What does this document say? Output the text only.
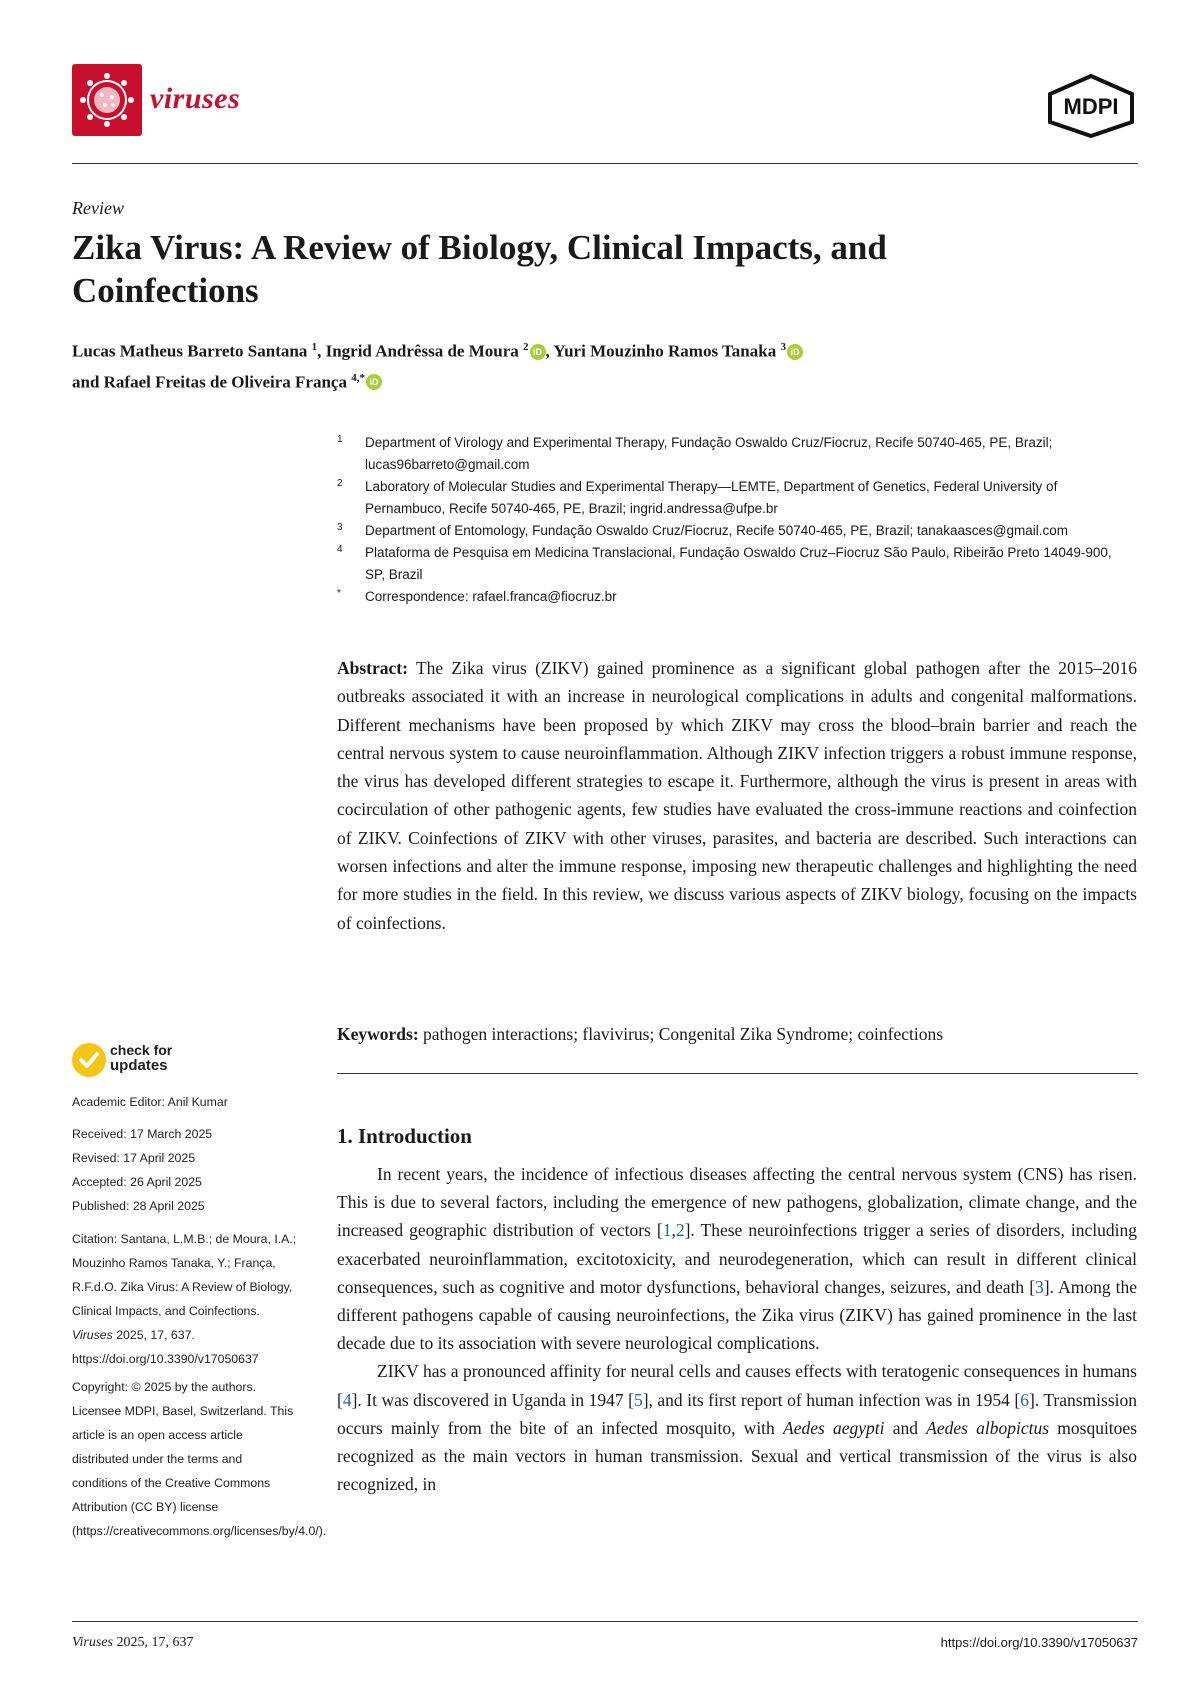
viruses	MDPI
Review
Zika Virus: A Review of Biology, Clinical Impacts, and Coinfections
Lucas Matheus Barreto Santana $^1$, Ingrid Andrêssa de Moura $^2$ iD , Yuri Mouzinho Ramos Tanaka $^3$ iD
and Rafael Freitas de Oliveira França $^{4,*}$ iD
1 Department of Virology and Experimental Therapy, Fundação Oswaldo Cruz/Fiocruz, Recife 50740-465, PE, Brazil; lucas96barreto@gmail.com
2 Laboratory of Molecular Studies and Experimental Therapy—LEMTE, Department of Genetics, Federal University of Pernambuco, Recife 50740-465, PE, Brazil; ingrid.andressa@ufpe.br
3 Department of Entomology, Fundação Oswaldo Cruz/Fiocruz, Recife 50740-465, PE, Brazil; tanakaasces@gmail.com
4 Plataforma de Pesquisa em Medicina Translacional, Fundação Oswaldo Cruz–Fiocruz São Paulo, Ribeirão Preto 14049-900, SP, Brazil
* Correspondence: rafael.franca@fiocruz.br
Abstract: The Zika virus (ZIKV) gained prominence as a significant global pathogen after the 2015–2016 outbreaks associated it with an increase in neurological complications in adults and congenital malformations. Different mechanisms have been proposed by which ZIKV may cross the blood–brain barrier and reach the central nervous system to cause neuroinflammation. Although ZIKV infection triggers a robust immune response, the virus has developed different strategies to escape it. Furthermore, although the virus is present in areas with cocirculation of other pathogenic agents, few studies have evaluated the cross-immune reactions and coinfection of ZIKV. Coinfections of ZIKV with other viruses, parasites, and bacteria are described. Such interactions can worsen infections and alter the immune response, imposing new therapeutic challenges and highlighting the need for more studies in the field. In this review, we discuss various aspects of ZIKV biology, focusing on the impacts of coinfections.
Keywords: pathogen interactions; flavivirus; Congenital Zika Syndrome; coinfections
check for
updates
Academic Editor: Anil Kumar
Received: 17 March 2025
Revised: 17 April 2025
Accepted: 26 April 2025
Published: 28 April 2025
Citation: Santana, L.M.B.; de Moura, I.A.; Mouzinho Ramos Tanaka, Y.; França, R.F.d.O. Zika Virus: A Review of Biology, Clinical Impacts, and Coinfections. Viruses 2025, 17, 637. https://doi.org/10.3390/v17050637
Copyright: © 2025 by the authors. Licensee MDPI, Basel, Switzerland. This article is an open access article distributed under the terms and conditions of the Creative Commons Attribution (CC BY) license (https://creativecommons.org/licenses/by/4.0/).
1. Introduction

In recent years, the incidence of infectious diseases affecting the central nervous system (CNS) has risen. This is due to several factors, including the emergence of new pathogens, globalization, climate change, and the increased geographic distribution of vectors [1,2]. These neuroinfections trigger a series of disorders, including exacerbated neuroinflammation, excitotoxicity, and neurodegeneration, which can result in different clinical consequences, such as cognitive and motor dysfunctions, behavioral changes, seizures, and death [3]. Among the different pathogens capable of causing neuroinfections, the Zika virus (ZIKV) has gained prominence in the last decade due to its association with severe neurological complications.

ZIKV has a pronounced affinity for neural cells and causes effects with teratogenic consequences in humans [4]. It was discovered in Uganda in 1947 [5], and its first report of human infection was in 1954 [6]. Transmission occurs mainly from the bite of an infected mosquito, with Aedes aegypti and Aedes albopictus mosquitoes recognized as the main vectors in human transmission. Sexual and vertical transmission of the virus is also recognized, in

Viruses 2025, 17, 637	https://doi.org/10.3390/v17050637
